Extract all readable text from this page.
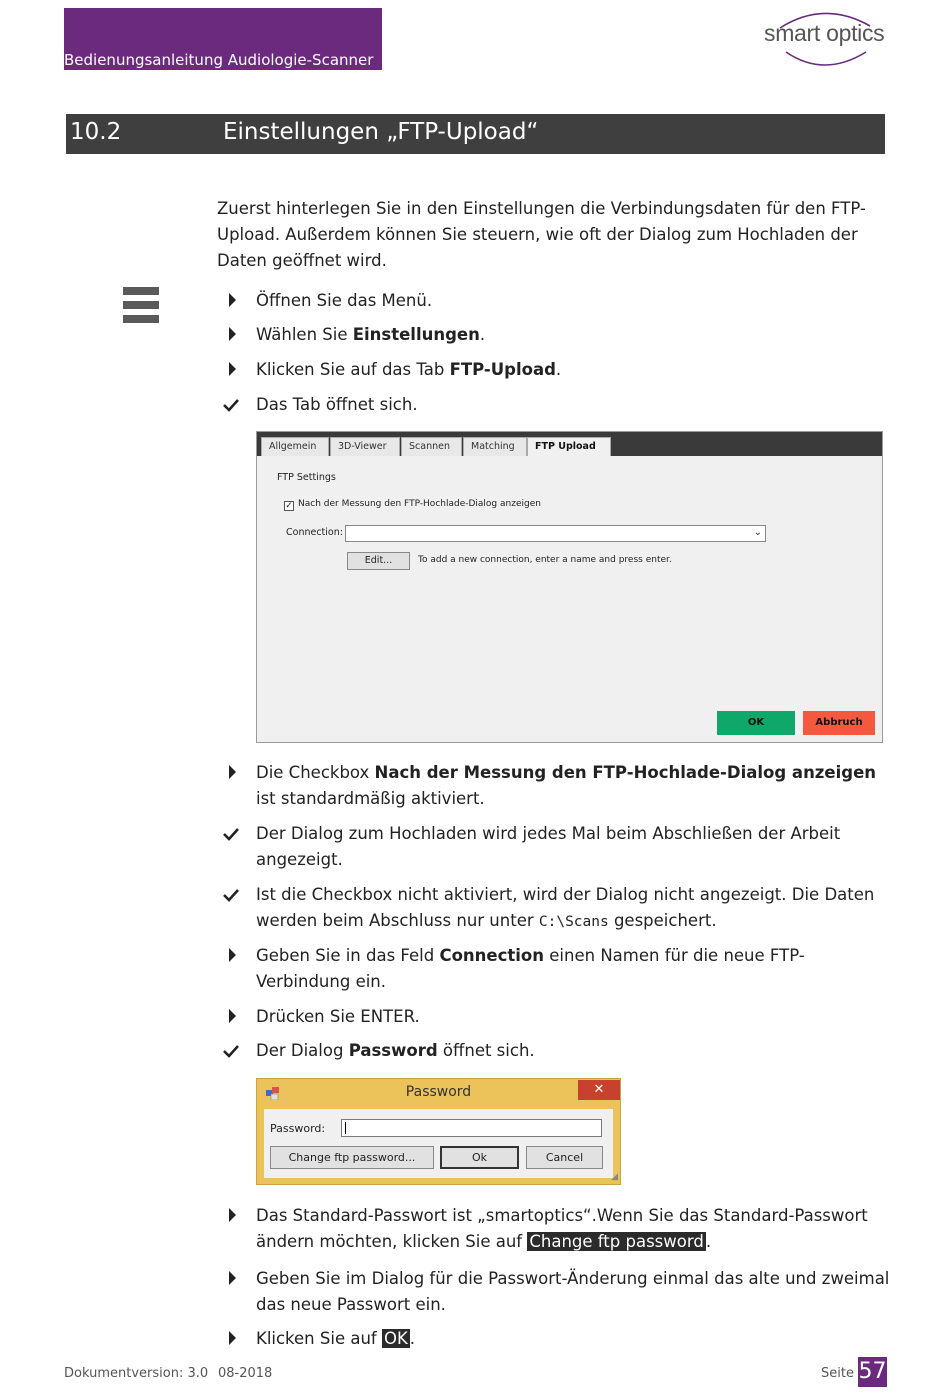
Bedienungsanleitung Audiologie-Scanner
smart optics
10.2	Einstellungen „FTP-Upload“
Zuerst hinterlegen Sie in den Einstellungen die Verbindungsdaten für den FTP-Upload. Außerdem können Sie steuern, wie oft der Dialog zum Hochladen der Daten geöffnet wird.
Öffnen Sie das Menü.
Wählen Sie Einstellungen.
Klicken Sie auf das Tab FTP-Upload.
Das Tab öffnet sich.
Allgemein	3D-Viewer	Scannen	Matching	FTP Upload
FTP Settings
✓ Nach der Messung den FTP-Hochlade-Dialog anzeigen
Connection:	⌄
Edit...	To add a new connection, enter a name and press enter.
OK	Abbruch
Die Checkbox Nach der Messung den FTP-Hochlade-Dialog anzeigen ist standardmäßig aktiviert.
Der Dialog zum Hochladen wird jedes Mal beim Abschließen der Arbeit angezeigt.
Ist die Checkbox nicht aktiviert, wird der Dialog nicht angezeigt. Die Daten werden beim Abschluss nur unter C:\Scans gespeichert.
Geben Sie in das Feld Connection einen Namen für die neue FTP-Verbindung ein.
Drücken Sie ENTER.
Der Dialog Password öffnet sich.
Password	✕
Password:
Change ftp password...	Ok	Cancel
◢
Das Standard-Passwort ist „smartoptics“.Wenn Sie das Standard-Passwort ändern möchten, klicken Sie auf Change ftp password .
Geben Sie im Dialog für die Passwort-Änderung einmal das alte und zweimal das neue Passwort ein.
Klicken Sie auf OK .
Dokumentversion: 3.0 08-2018	Seite 57
